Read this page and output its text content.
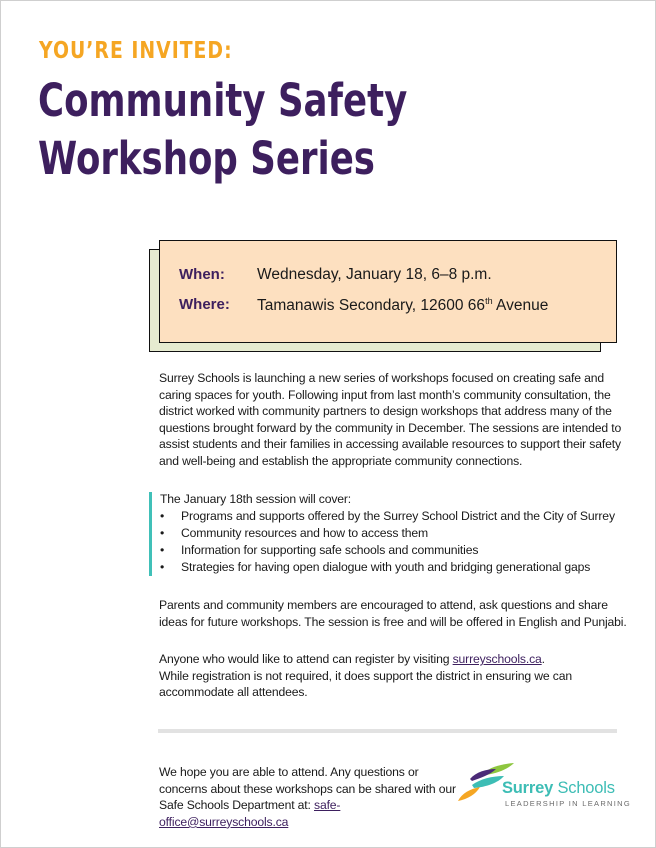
YOU’RE INVITED:
Community Safety
Workshop Series
When: Wednesday, January 18, 6–8 p.m.
Where: Tamanawis Secondary, 12600 66th Avenue

Surrey Schools is launching a new series of workshops focused on creating safe and caring spaces for youth. Following input from last month’s community consultation, the district worked with community partners to design workshops that address many of the questions brought forward by the community in December. The sessions are intended to assist students and their families in accessing available resources to support their safety and well-being and establish the appropriate community connections.

The January 18th session will cover:
• Programs and supports offered by the Surrey School District and the City of Surrey
• Community resources and how to access them
• Information for supporting safe schools and communities
• Strategies for having open dialogue with youth and bridging generational gaps

Parents and community members are encouraged to attend, ask questions and share ideas for future workshops. The session is free and will be offered in English and Punjabi.

Anyone who would like to attend can register by visiting surreyschools.ca.
While registration is not required, it does support the district in ensuring we can accommodate all attendees.
We hope you are able to attend. Any questions or concerns about these workshops can be shared with our Safe Schools Department at: safe-office@surreyschools.ca
Surrey Schools
LEADERSHIP IN LEARNING
